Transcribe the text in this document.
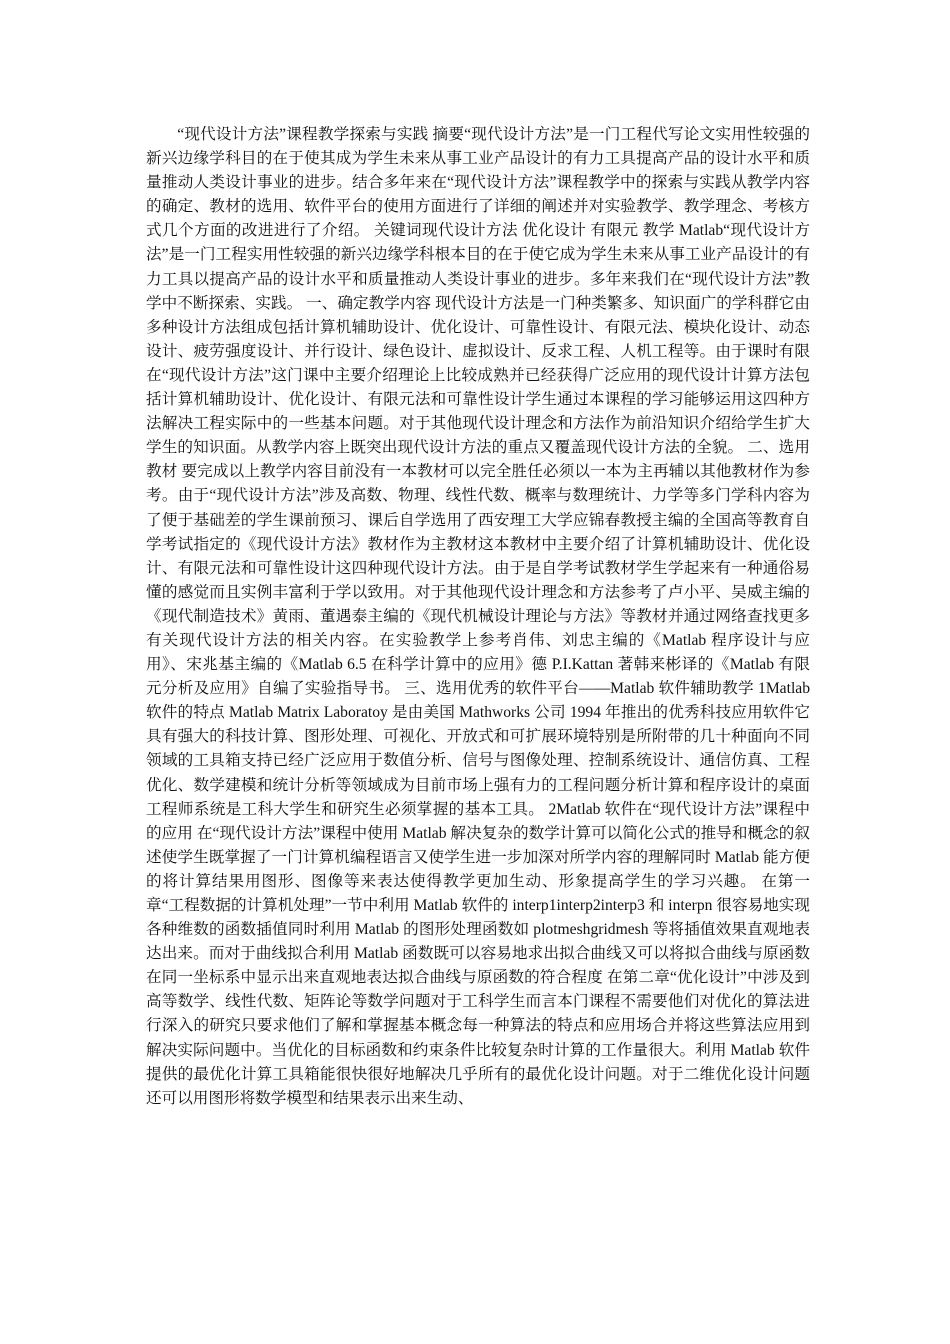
“现代设计方法”课程教学探索与实践 摘要“现代设计方法”是一门工程代写论文实用性较强的新兴边缘学科目的在于使其成为学生未来从事工业产品设计的有力工具提高产品的设计水平和质量推动人类设计事业的进步。结合多年来在“现代设计方法”课程教学中的探索与实践从教学内容的确定、教材的选用、软件平台的使用方面进行了详细的阐述并对实验教学、教学理念、考核方式几个方面的改进进行了介绍。 关键词现代设计方法 优化设计 有限元 教学 Matlab“现代设计方法”是一门工程实用性较强的新兴边缘学科根本目的在于使它成为学生未来从事工业产品设计的有力工具以提高产品的设计水平和质量推动人类设计事业的进步。多年来我们在“现代设计方法”教学中不断探索、实践。 一、确定教学内容 现代设计方法是一门种类繁多、知识面广的学科群它由多种设计方法组成包括计算机辅助设计、优化设计、可靠性设计、有限元法、模块化设计、动态设计、疲劳强度设计、并行设计、绿色设计、虚拟设计、反求工程、人机工程等。由于课时有限在“现代设计方法”这门课中主要介绍理论上比较成熟并已经获得广泛应用的现代设计计算方法包括计算机辅助设计、优化设计、有限元法和可靠性设计学生通过本课程的学习能够运用这四种方法解决工程实际中的一些基本问题。对于其他现代设计理念和方法作为前沿知识介绍给学生扩大学生的知识面。从教学内容上既突出现代设计方法的重点又覆盖现代设计方法的全貌。 二、选用教材 要完成以上教学内容目前没有一本教材可以完全胜任必须以一本为主再辅以其他教材作为参考。由于“现代设计方法”涉及高数、物理、线性代数、概率与数理统计、力学等多门学科内容为了便于基础差的学生课前预习、课后自学选用了西安理工大学应锦春教授主编的全国高等教育自学考试指定的《现代设计方法》教材作为主教材这本教材中主要介绍了计算机辅助设计、优化设计、有限元法和可靠性设计这四种现代设计方法。由于是自学考试教材学生学起来有一种通俗易懂的感觉而且实例丰富利于学以致用。对于其他现代设计理念和方法参考了卢小平、吴威主编的《现代制造技术》黄雨、董遇泰主编的《现代机械设计理论与方法》等教材并通过网络查找更多有关现代设计方法的相关内容。在实验教学上参考肖伟、刘忠主编的《Matlab 程序设计与应用》、宋兆基主编的《Matlab 6.5 在科学计算中的应用》德 P.I.Kattan 著韩来彬译的《Matlab 有限元分析及应用》自编了实验指导书。 三、选用优秀的软件平台——Matlab 软件辅助教学 1Matlab 软件的特点 Matlab Matrix Laboratoy 是由美国 Mathworks 公司 1994 年推出的优秀科技应用软件它具有强大的科技计算、图形处理、可视化、开放式和可扩展环境特别是所附带的几十种面向不同领域的工具箱支持已经广泛应用于数值分析、信号与图像处理、控制系统设计、通信仿真、工程优化、数学建模和统计分析等领域成为目前市场上强有力的工程问题分析计算和程序设计的桌面工程师系统是工科大学生和研究生必须掌握的基本工具。 2Matlab 软件在“现代设计方法”课程中的应用 在“现代设计方法”课程中使用 Matlab 解决复杂的数学计算可以简化公式的推导和概念的叙述使学生既掌握了一门计算机编程语言又使学生进一步加深对所学内容的理解同时 Matlab 能方便的将计算结果用图形、图像等来表达使得教学更加生动、形象提高学生的学习兴趣。 在第一章“工程数据的计算机处理”一节中利用 Matlab 软件的 interp1interp2interp3 和 interpn 很容易地实现各种维数的函数插值同时利用 Matlab 的图形处理函数如 plotmeshgridmesh 等将插值效果直观地表达出来。而对于曲线拟合利用 Matlab 函数既可以容易地求出拟合曲线又可以将拟合曲线与原函数在同一坐标系中显示出来直观地表达拟合曲线与原函数的符合程度 在第二章“优化设计”中涉及到高等数学、线性代数、矩阵论等数学问题对于工科学生而言本门课程不需要他们对优化的算法进行深入的研究只要求他们了解和掌握基本概念每一种算法的特点和应用场合并将这些算法应用到解决实际问题中。当优化的目标函数和约束条件比较复杂时计算的工作量很大。利用 Matlab 软件提供的最优化计算工具箱能很快很好地解决几乎所有的最优化设计问题。对于二维优化设计问题还可以用图形将数学模型和结果表示出来生动、
